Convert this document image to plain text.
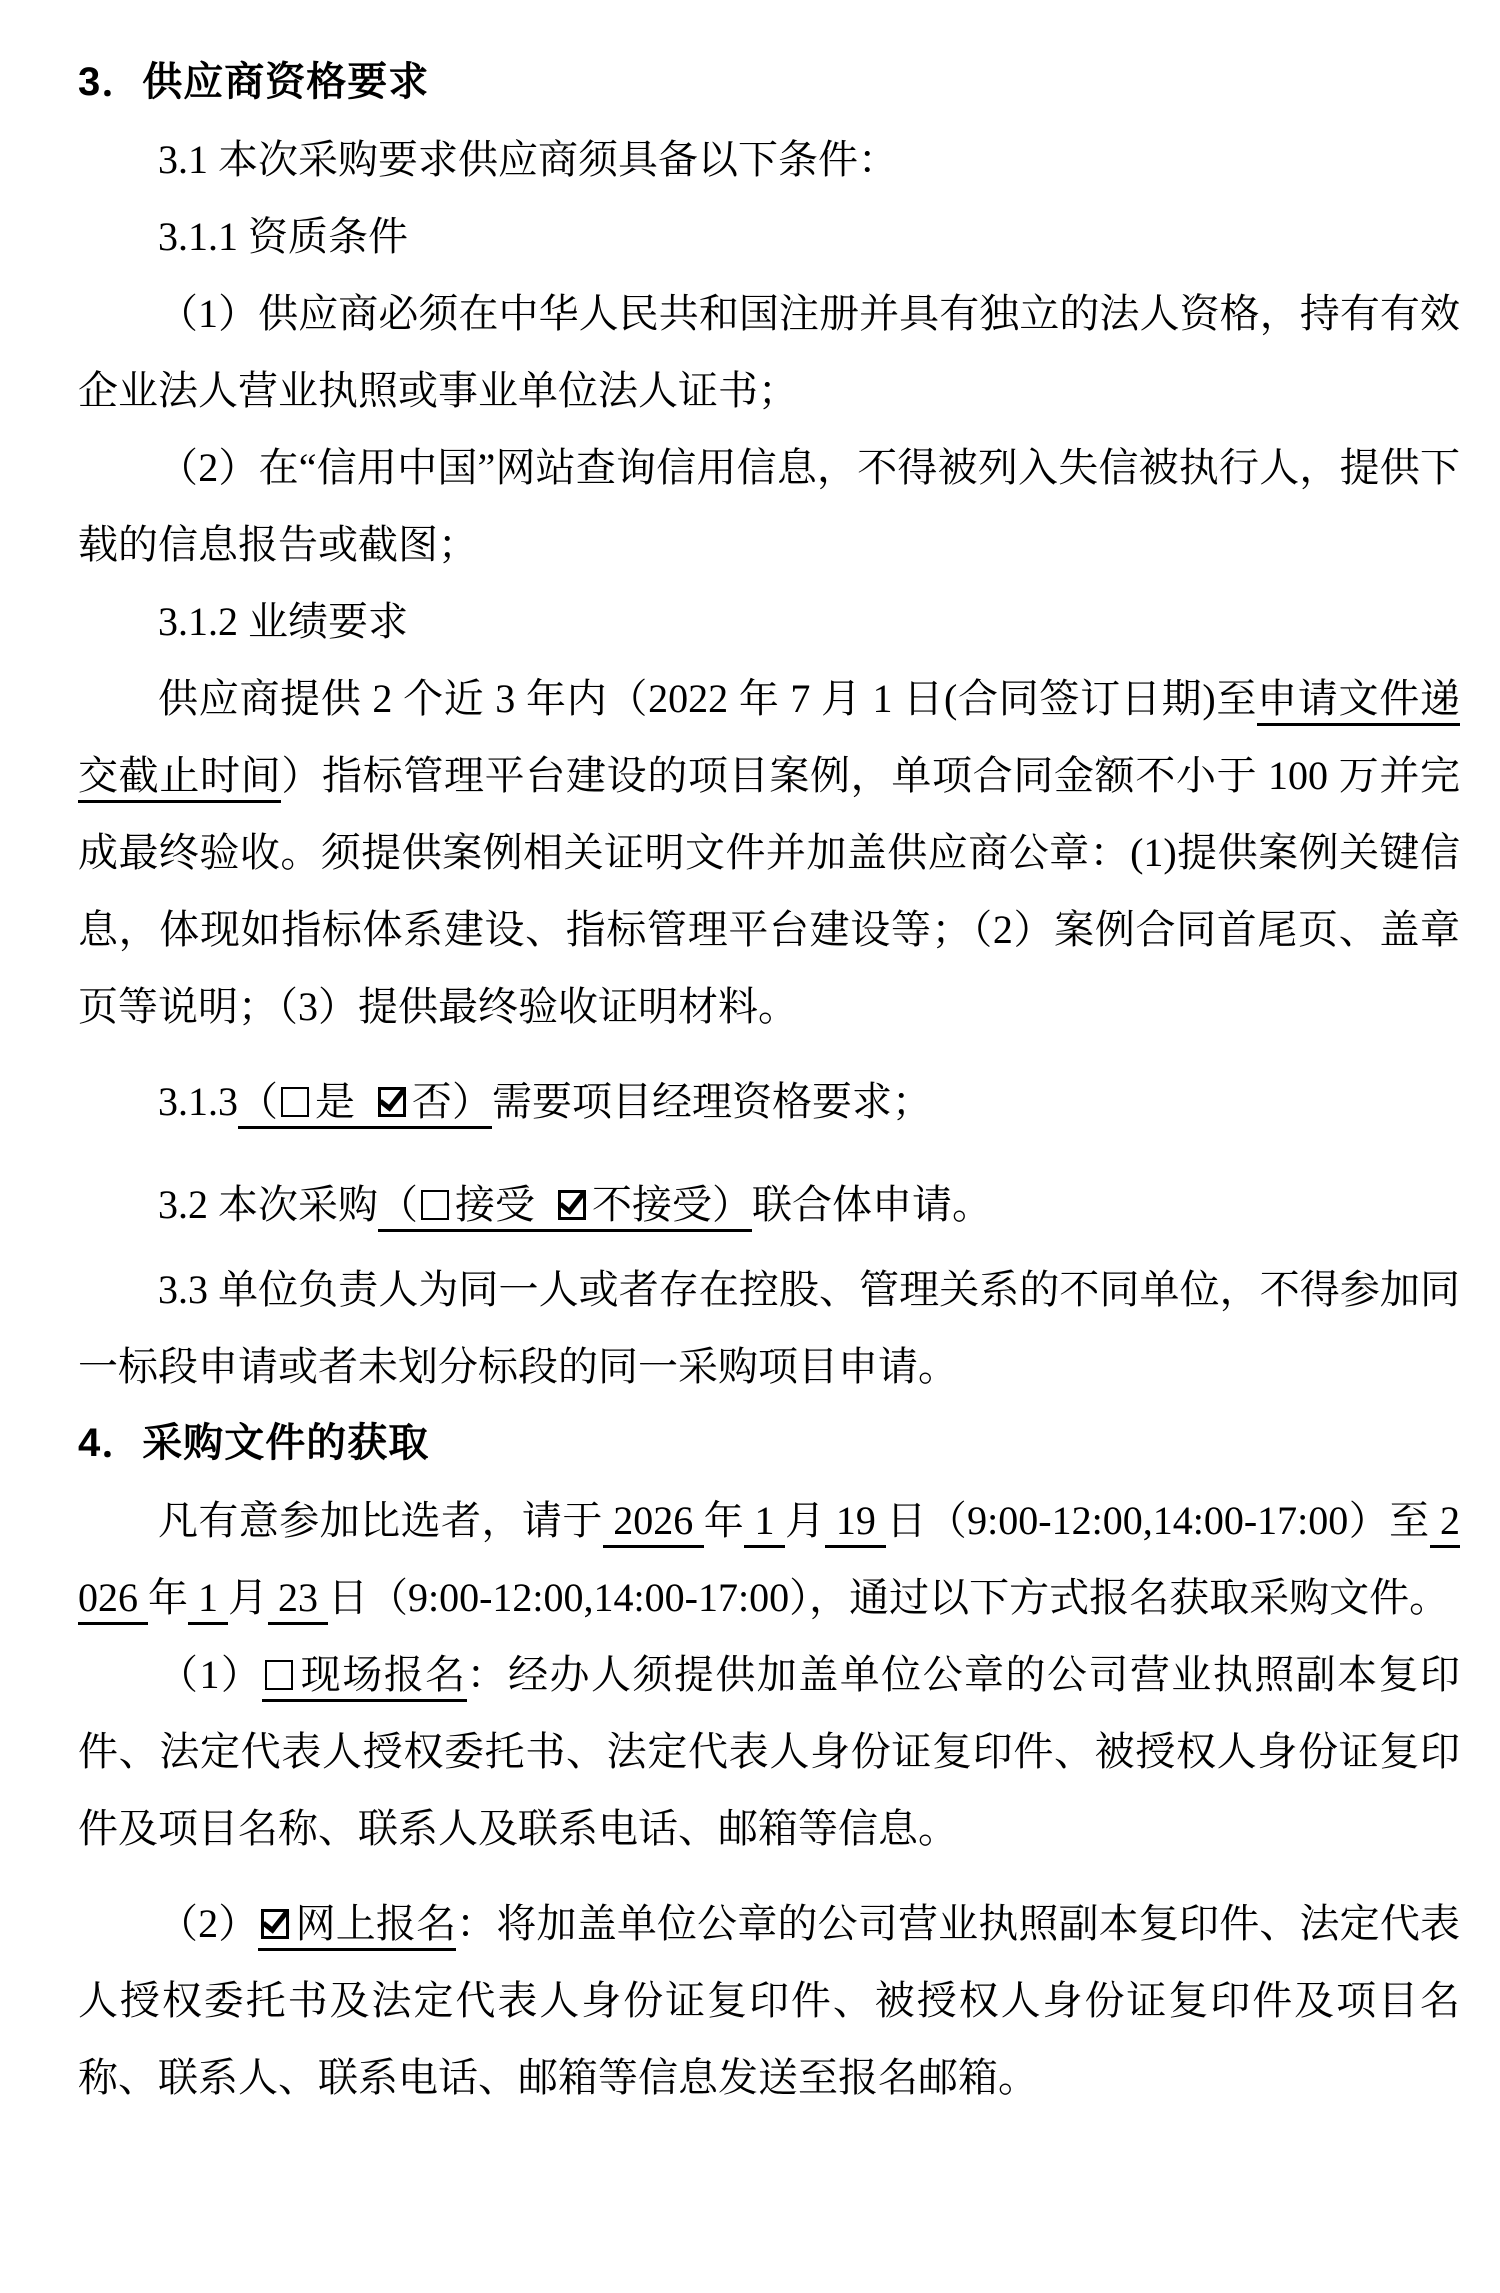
3．供应商资格要求

3.1 本次采购要求供应商须具备以下条件：

3.1.1 资质条件

（1）供应商必须在中华人民共和国注册并具有独立的法人资格，持有有效企业法人营业执照或事业单位法人证书；

（2）在“信用中国”网站查询信用信息，不得被列入失信被执行人，提供下载的信息报告或截图；

3.1.2 业绩要求

供应商提供 2 个近 3 年内（2022 年 7 月 1 日(合同签订日期)至申请文件递交截止时间）指标管理平台建设的项目案例，单项合同金额不小于 100 万并完成最终验收。须提供案例相关证明文件并加盖供应商公章：(1)提供案例关键信息，体现如指标体系建设、指标管理平台建设等；（2）案例合同首尾页、盖章页等说明；（3）提供最终验收证明材料。

3.1.3（ 是  否）需要项目经理资格要求；

3.2 本次采购（ 接受  不接受）联合体申请。

3.3 单位负责人为同一人或者存在控股、管理关系的不同单位，不得参加同一标段申请或者未划分标段的同一采购项目申请。

4．采购文件的获取

凡有意参加比选者，请于 2026 年 1 月 19 日（9:00-12:00,14:00-17:00）至 2026 年 1 月 23 日（9:00-12:00,14:00-17:00），通过以下方式报名获取采购文件。

（1） 现场报名：经办人须提供加盖单位公章的公司营业执照副本复印件、法定代表人授权委托书、法定代表人身份证复印件、被授权人身份证复印件及项目名称、联系人及联系电话、邮箱等信息。

（2） 网上报名：将加盖单位公章的公司营业执照副本复印件、法定代表人授权委托书及法定代表人身份证复印件、被授权人身份证复印件及项目名称、联系人、联系电话、邮箱等信息发送至报名邮箱。
